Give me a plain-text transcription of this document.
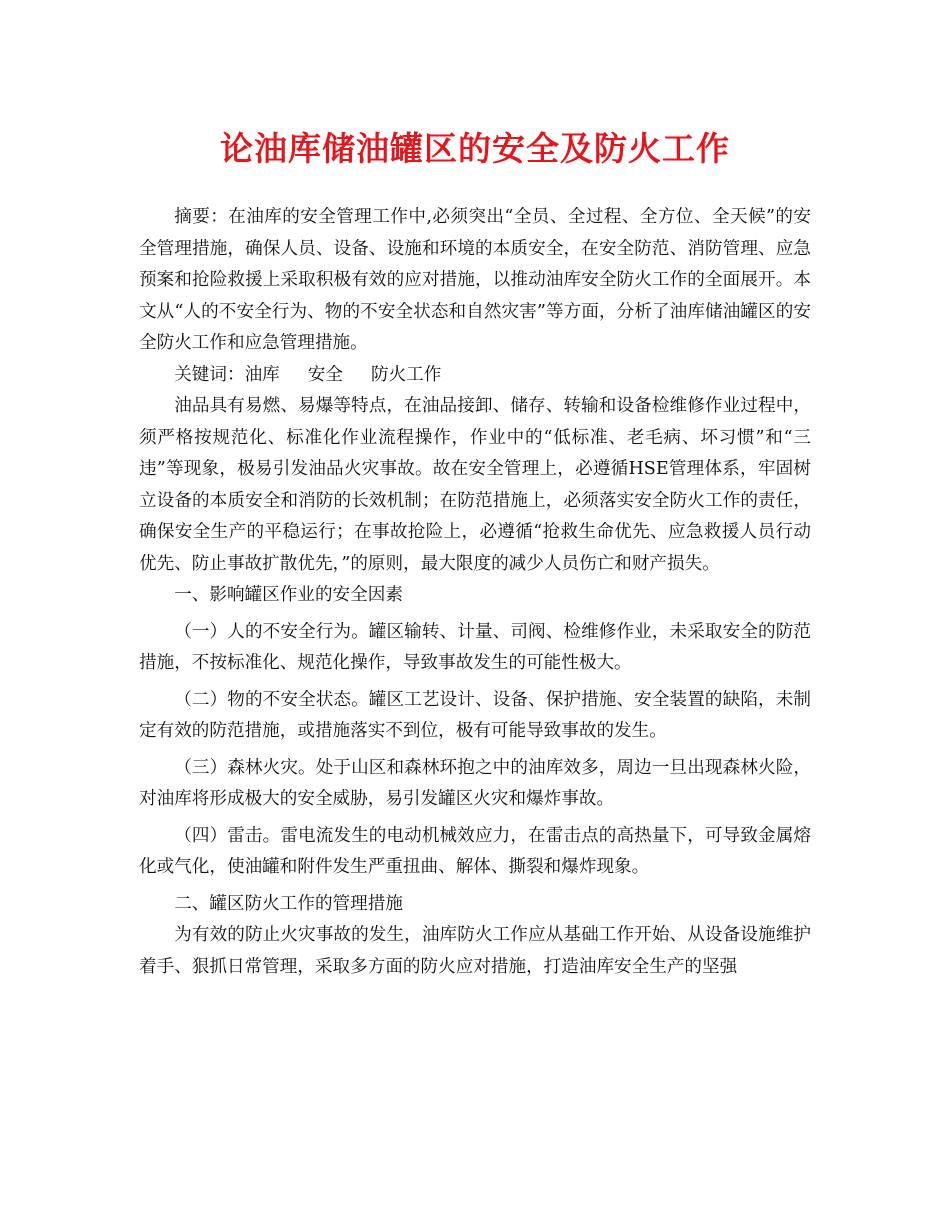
论油库储油罐区的安全及防火工作

摘要：在油库的安全管理工作中,必须突出“全员、全过程、全方位、全天候”的安全管理措施，确保人员、设备、设施和环境的本质安全，在安全防范、消防管理、应急预案和抢险救援上采取积极有效的应对措施，以推动油库安全防火工作的全面展开。本文从“人的不安全行为、物的不安全状态和自然灾害”等方面，分析了油库储油罐区的安全防火工作和应急管理措施。

关键词：油库 安全 防火工作

油品具有易燃、易爆等特点，在油品接卸、储存、转输和设备检维修作业过程中，须严格按规范化、标准化作业流程操作，作业中的“低标准、老毛病、坏习惯”和“三违”等现象，极易引发油品火灾事故。故在安全管理上，必遵循HSE管理体系，牢固树立设备的本质安全和消防的长效机制；在防范措施上，必须落实安全防火工作的责任，确保安全生产的平稳运行；在事故抢险上，必遵循“抢救生命优先、应急救援人员行动优先、防止事故扩散优先，”的原则，最大限度的减少人员伤亡和财产损失。

一、影响罐区作业的安全因素

（一）人的不安全行为。罐区输转、计量、司阀、检维修作业，未采取安全的防范措施，不按标准化、规范化操作，导致事故发生的可能性极大。

（二）物的不安全状态。罐区工艺设计、设备、保护措施、安全装置的缺陷，未制定有效的防范措施，或措施落实不到位，极有可能导致事故的发生。

（三）森林火灾。处于山区和森林环抱之中的油库效多，周边一旦出现森林火险，对油库将形成极大的安全威胁，易引发罐区火灾和爆炸事故。

（四）雷击。雷电流发生的电动机械效应力，在雷击点的高热量下，可导致金属熔化或气化，使油罐和附件发生严重扭曲、解体、撕裂和爆炸现象。

二、罐区防火工作的管理措施

为有效的防止火灾事故的发生，油库防火工作应从基础工作开始、从设备设施维护着手、狠抓日常管理，采取多方面的防火应对措施，打造油库安全生产的坚强
